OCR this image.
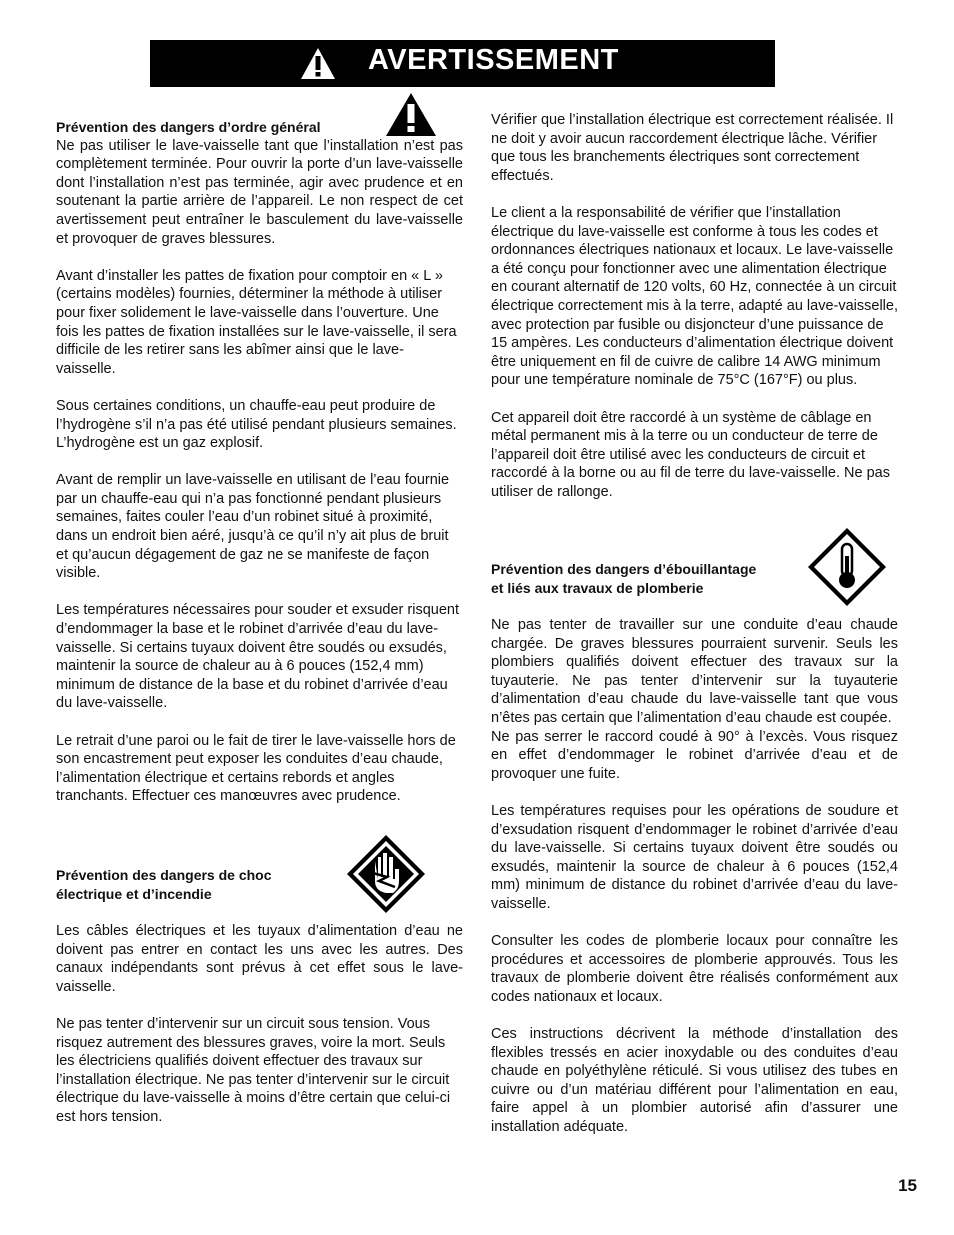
AVERTISSEMENT

Prévention des dangers d’ordre général

Ne pas utiliser le lave-vaisselle tant que l’installation n’est pas complètement terminée. Pour ouvrir la porte d’un lave-vaisselle dont l’installation n’est pas terminée, agir avec prudence et en soutenant la partie arrière de l’appareil. Le non respect de cet avertissement peut entraîner le basculement du lave-vaisselle et provoquer de graves blessures.

Avant d’installer les pattes de fixation pour comptoir en « L » (certains modèles) fournies, déterminer la méthode à utiliser pour fixer solidement le lave-vaisselle dans l’ouverture. Une fois les pattes de fixation installées sur le lave-vaisselle, il sera difficile de les retirer sans les abîmer ainsi que le lave-vaisselle.

Sous certaines conditions, un chauffe-eau peut produire de l’hydrogène s’il n’a pas été utilisé pendant plusieurs semaines. L’hydrogène est un gaz explosif.

Avant de remplir un lave-vaisselle en utilisant de l’eau fournie par un chauffe-eau qui n’a pas fonctionné pendant plusieurs semaines, faites couler l’eau d’un robinet situé à proximité, dans un endroit bien aéré, jusqu’à ce qu’il n’y ait plus de bruit et qu’aucun dégagement de gaz ne se manifeste de façon visible.

Les températures nécessaires pour souder et exsuder risquent d’endommager la base et le robinet d’arrivée d’eau du lave-vaisselle. Si certains tuyaux doivent être soudés ou exsudés, maintenir la source de chaleur au à 6 pouces (152,4 mm) minimum de distance de la base et du robinet d’arrivée d’eau du lave-vaisselle.

Le retrait d’une paroi ou le fait de tirer le lave-vaisselle hors de son encastrement peut exposer les conduites d’eau chaude, l’alimentation électrique et certains rebords et angles tranchants. Effectuer ces manœuvres avec prudence.

Prévention des dangers de choc

électrique et d’incendie

Les câbles électriques et les tuyaux d’alimentation d’eau ne doivent pas entrer en contact les uns avec les autres. Des canaux indépendants sont prévus à cet effet sous le lave-vaisselle.

Ne pas tenter d’intervenir sur un circuit sous tension. Vous risquez autrement des blessures graves, voire la mort. Seuls les électriciens qualifiés doivent effectuer des travaux sur l’installation électrique. Ne pas tenter d’intervenir sur le circuit électrique du lave-vaisselle à moins d’être certain que celui-ci est hors tension.

Vérifier que l’installation électrique est correctement réalisée. Il ne doit y avoir aucun raccordement électrique lâche. Vérifier que tous les branchements électriques sont correctement effectués.

Le client a la responsabilité de vérifier que l’installation électrique du lave-vaisselle est conforme à tous les codes et ordonnances électriques nationaux et locaux. Le lave-vaisselle a été conçu pour fonctionner avec une alimentation électrique en courant alternatif de 120 volts, 60 Hz, connectée à un circuit électrique correctement mis à la terre, adapté au lave-vaisselle, avec protection par fusible ou disjoncteur d’une puissance de 15 ampères. Les conducteurs d’alimentation électrique doivent être uniquement en fil de cuivre de calibre 14 AWG minimum pour une température nominale de 75°C (167°F) ou plus.

Cet appareil doit être raccordé à un système de câblage en métal permanent mis à la terre ou un conducteur de terre de l’appareil doit être utilisé avec les conducteurs de circuit et raccordé à la borne ou au fil de terre du lave-vaisselle. Ne pas utiliser de rallonge.

Prévention des dangers d’ébouillantage

et liés aux travaux de plomberie

Ne pas tenter de travailler sur une conduite d’eau chaude chargée. De graves blessures pourraient survenir. Seuls les plombiers qualifiés doivent effectuer des travaux sur la tuyauterie. Ne pas tenter d’intervenir sur la tuyauterie d’alimentation d’eau chaude du lave-vaisselle tant que vous n’êtes pas certain que l’alimentation d’eau chaude est coupée.

Ne pas serrer le raccord coudé à 90° à l’excès. Vous risquez en effet d’endommager le robinet d’arrivée d’eau et de provoquer une fuite.

Les températures requises pour les opérations de soudure et d’exsudation risquent d’endommager le robinet d’arrivée d’eau du lave-vaisselle. Si certains tuyaux doivent être soudés ou exsudés, maintenir la source de chaleur à 6 pouces (152,4 mm) minimum de distance du robinet d’arrivée d’eau du lave-vaisselle.

Consulter les codes de plomberie locaux pour connaître les procédures et accessoires de plomberie approuvés. Tous les travaux de plomberie doivent être réalisés conformément aux codes nationaux et locaux.

Ces instructions décrivent la méthode d’installation des flexibles tressés en acier inoxydable ou des conduites d’eau chaude en polyéthylène réticulé. Si vous utilisez des tubes en cuivre ou d’un matériau différent pour l’alimentation en eau, faire appel à un plombier autorisé afin d’assurer une installation adéquate.

15
